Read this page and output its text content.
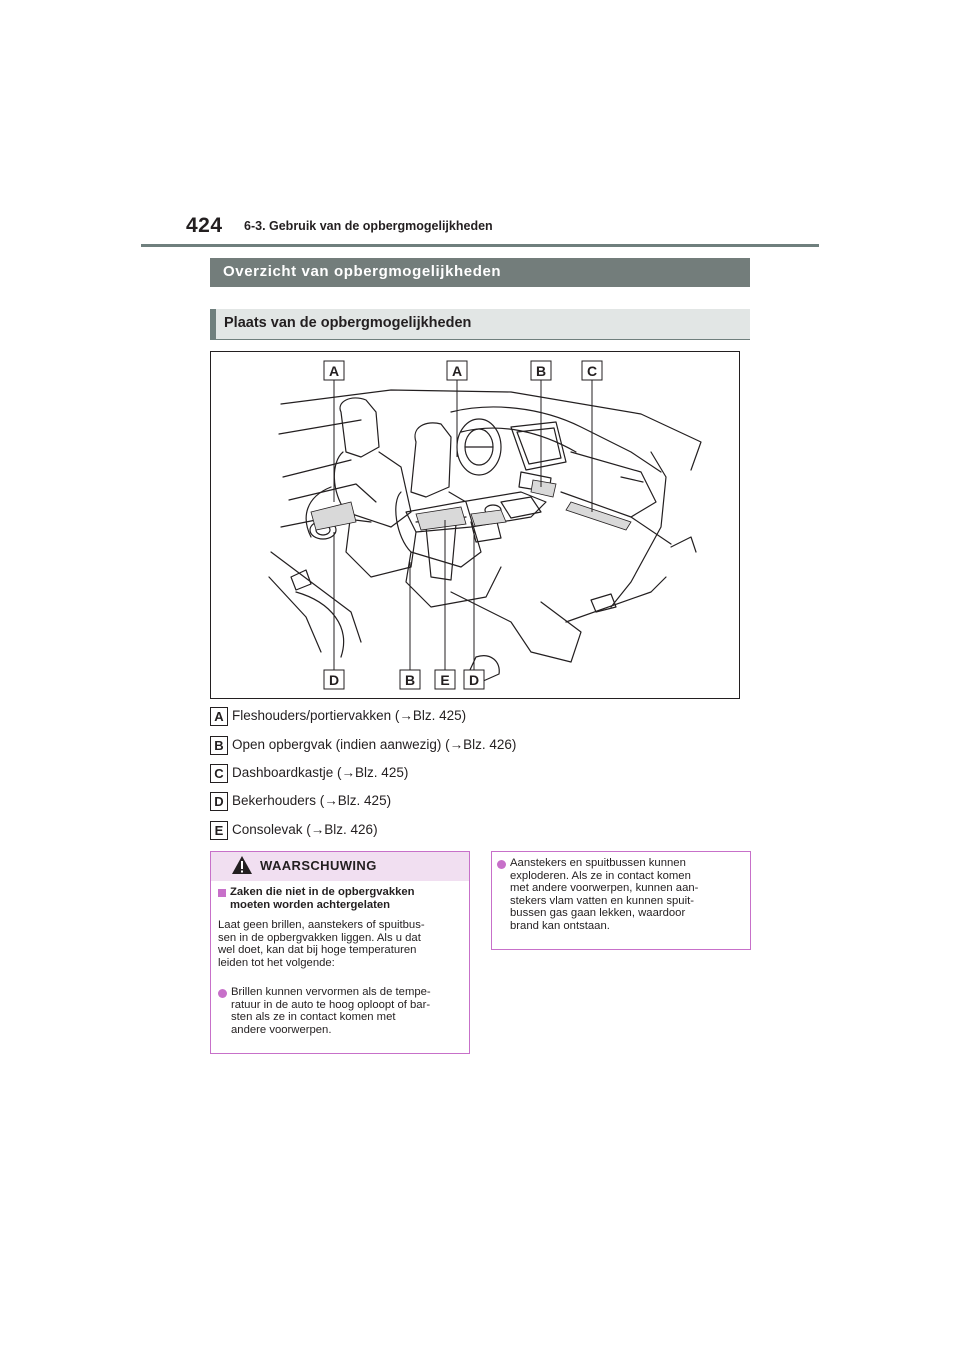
424 6-3. Gebruik van de opbergmogelijkheden
Overzicht van opbergmogelijkheden
Plaats van de opbergmogelijkheden
A	A	B	C
D	B E D
A Fleshouders/portiervakken (→Blz. 425)
B Open opbergvak (indien aanwezig) (→Blz. 426)
C Dashboardkastje (→Blz. 425)
D Bekerhouders (→Blz. 425)
E Consolevak (→Blz. 426)
WAARSCHUWING
Zaken die niet in de opbergvakken
moeten worden achtergelaten
Laat geen brillen, aanstekers of spuitbus-
sen in de opbergvakken liggen. Als u dat
wel doet, kan dat bij hoge temperaturen
leiden tot het volgende:
Brillen kunnen vervormen als de tempe-
ratuur in de auto te hoog oploopt of bar-
sten als ze in contact komen met
andere voorwerpen.
Aanstekers en spuitbussen kunnen
exploderen. Als ze in contact komen
met andere voorwerpen, kunnen aan-
stekers vlam vatten en kunnen spuit-
bussen gas gaan lekken, waardoor
brand kan ontstaan.
